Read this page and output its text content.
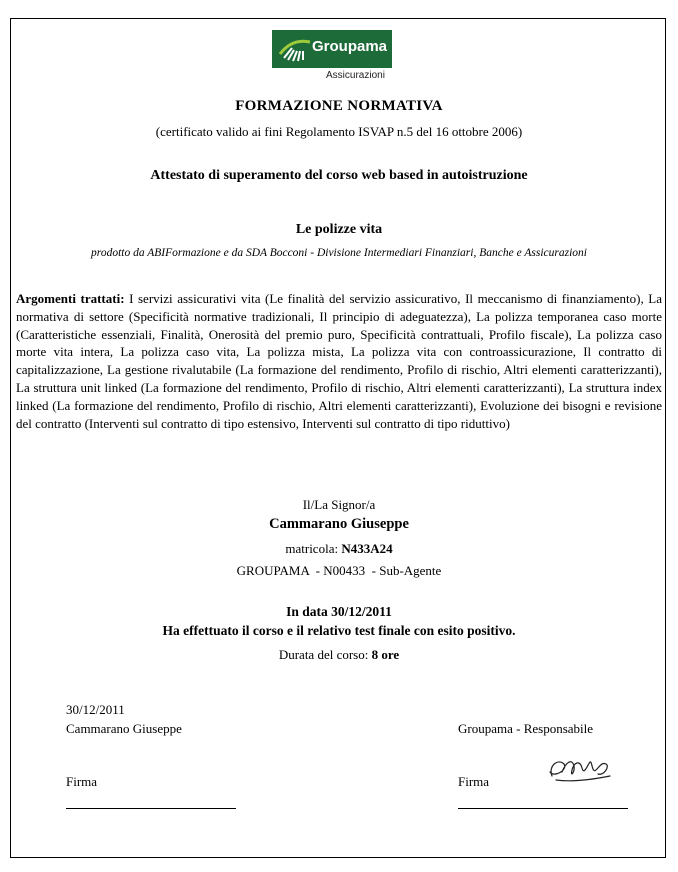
Groupama
Assicurazioni
FORMAZIONE NORMATIVA
(certificato valido ai fini Regolamento ISVAP n.5 del 16 ottobre 2006)
Attestato di superamento del corso web based in autoistruzione
Le polizze vita
prodotto da ABIFormazione e da SDA Bocconi - Divisione Intermediari Finanziari, Banche e Assicurazioni
Argomenti trattati: I servizi assicurativi vita (Le finalità del servizio assicurativo, Il meccanismo di finanziamento), La normativa di settore (Specificità normative tradizionali, Il principio di adeguatezza), La polizza temporanea caso morte (Caratteristiche essenziali, Finalità, Onerosità del premio puro, Specificità contrattuali, Profilo fiscale), La polizza caso morte vita intera, La polizza caso vita, La polizza mista, La polizza vita con controassicurazione, Il contratto di capitalizzazione, La gestione rivalutabile (La formazione del rendimento, Profilo di rischio, Altri elementi caratterizzanti), La struttura unit linked (La formazione del rendimento, Profilo di rischio, Altri elementi caratterizzanti), La struttura index linked (La formazione del rendimento, Profilo di rischio, Altri elementi caratterizzanti), Evoluzione dei bisogni e revisione del contratto (Interventi sul contratto di tipo estensivo, Interventi sul contratto di tipo riduttivo)
Il/La Signor/a
Cammarano Giuseppe
matricola: N433A24
GROUPAMA  - N00433  - Sub-Agente
In data 30/12/2011
Ha effettuato il corso e il relativo test finale con esito positivo.
Durata del corso: 8 ore
30/12/2011
Cammarano Giuseppe	Groupama - Responsabile
Firma	Firma
